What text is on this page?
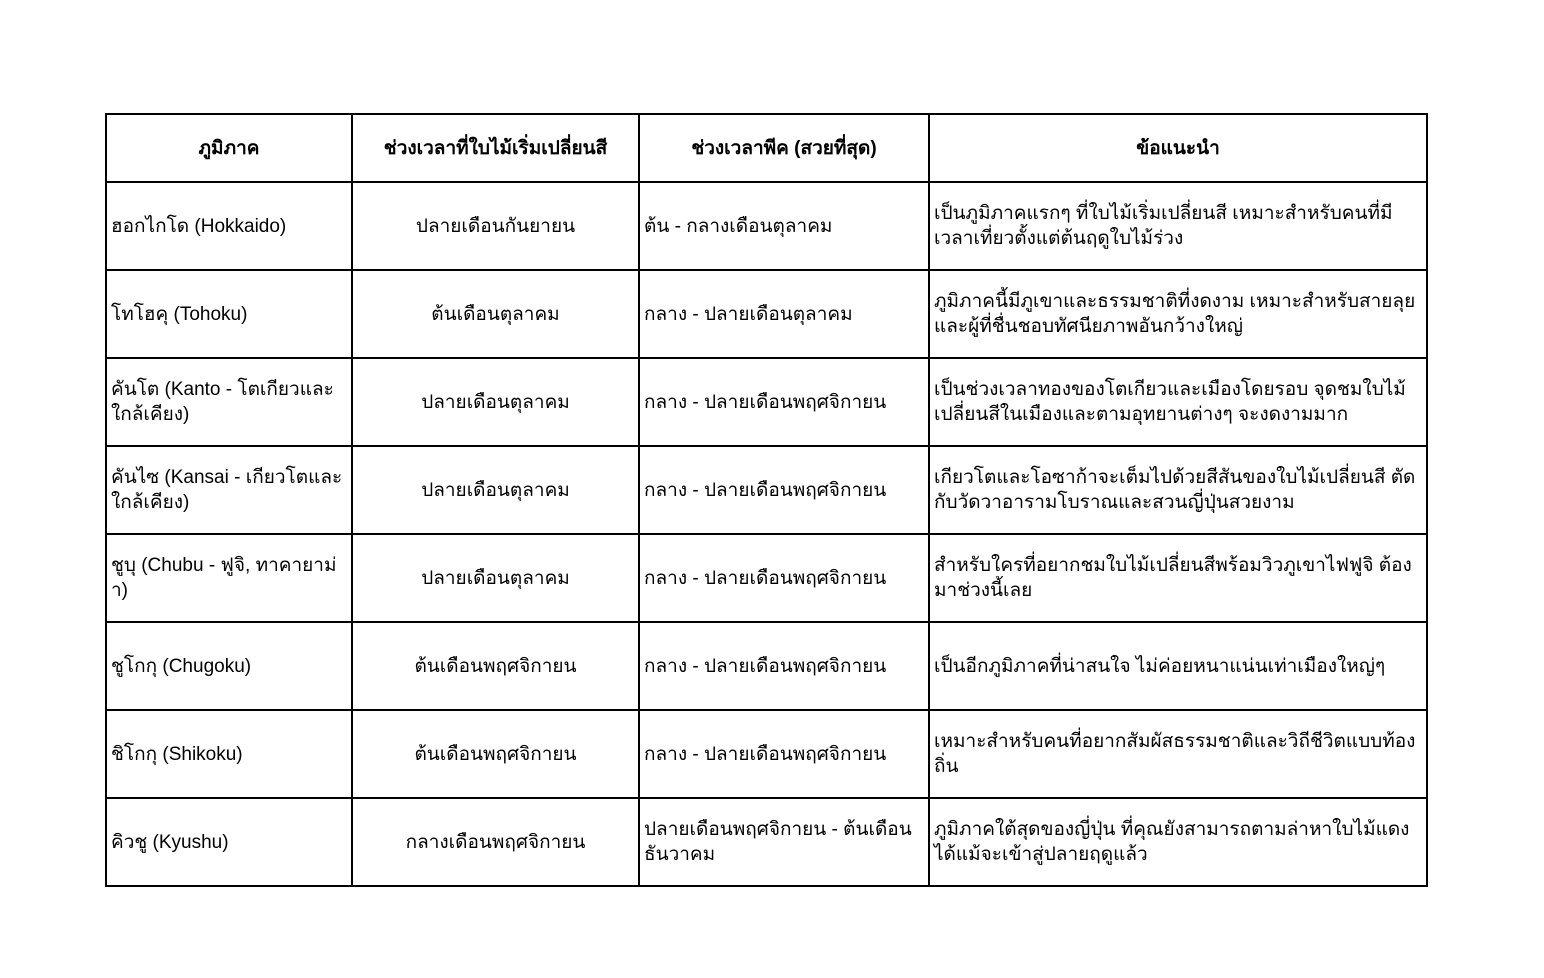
ภูมิภาค	ช่วงเวลาที่ใบไม้เริ่มเปลี่ยนสี	ช่วงเวลาพีค (สวยที่สุด)	ข้อแนะนำ
ฮอกไกโด (Hokkaido)	ปลายเดือนกันยายน	ต้น - กลางเดือนตุลาคม	เป็นภูมิภาคแรกๆ ที่ใบไม้เริ่มเปลี่ยนสี เหมาะสำหรับคนที่มีเวลาเที่ยวตั้งแต่ต้นฤดูใบไม้ร่วง
โทโฮคุ (Tohoku)	ต้นเดือนตุลาคม	กลาง - ปลายเดือนตุลาคม	ภูมิภาคนี้มีภูเขาและธรรมชาติที่งดงาม เหมาะสำหรับสายลุยและผู้ที่ชื่นชอบทัศนียภาพอันกว้างใหญ่
คันโต (Kanto - โตเกียวและใกล้เคียง)	ปลายเดือนตุลาคม	กลาง - ปลายเดือนพฤศจิกายน	เป็นช่วงเวลาทองของโตเกียวและเมืองโดยรอบ จุดชมใบไม้เปลี่ยนสีในเมืองและตามอุทยานต่างๆ จะงดงามมาก
คันไซ (Kansai - เกียวโตและใกล้เคียง)	ปลายเดือนตุลาคม	กลาง - ปลายเดือนพฤศจิกายน	เกียวโตและโอซาก้าจะเต็มไปด้วยสีสันของใบไม้เปลี่ยนสี ตัดกับวัดวาอารามโบราณและสวนญี่ปุ่นสวยงาม
ชูบุ (Chubu - ฟูจิ, ทาคายาม่า)	ปลายเดือนตุลาคม	กลาง - ปลายเดือนพฤศจิกายน	สำหรับใครที่อยากชมใบไม้เปลี่ยนสีพร้อมวิวภูเขาไฟฟูจิ ต้องมาช่วงนี้เลย
ชูโกกุ (Chugoku)	ต้นเดือนพฤศจิกายน	กลาง - ปลายเดือนพฤศจิกายน	เป็นอีกภูมิภาคที่น่าสนใจ ไม่ค่อยหนาแน่นเท่าเมืองใหญ่ๆ
ชิโกกุ (Shikoku)	ต้นเดือนพฤศจิกายน	กลาง - ปลายเดือนพฤศจิกายน	เหมาะสำหรับคนที่อยากสัมผัสธรรมชาติและวิถีชีวิตแบบท้องถิ่น
คิวชู (Kyushu)	กลางเดือนพฤศจิกายน	ปลายเดือนพฤศจิกายน - ต้นเดือนธันวาคม	ภูมิภาคใต้สุดของญี่ปุ่น ที่คุณยังสามารถตามล่าหาใบไม้แดงได้แม้จะเข้าสู่ปลายฤดูแล้ว
